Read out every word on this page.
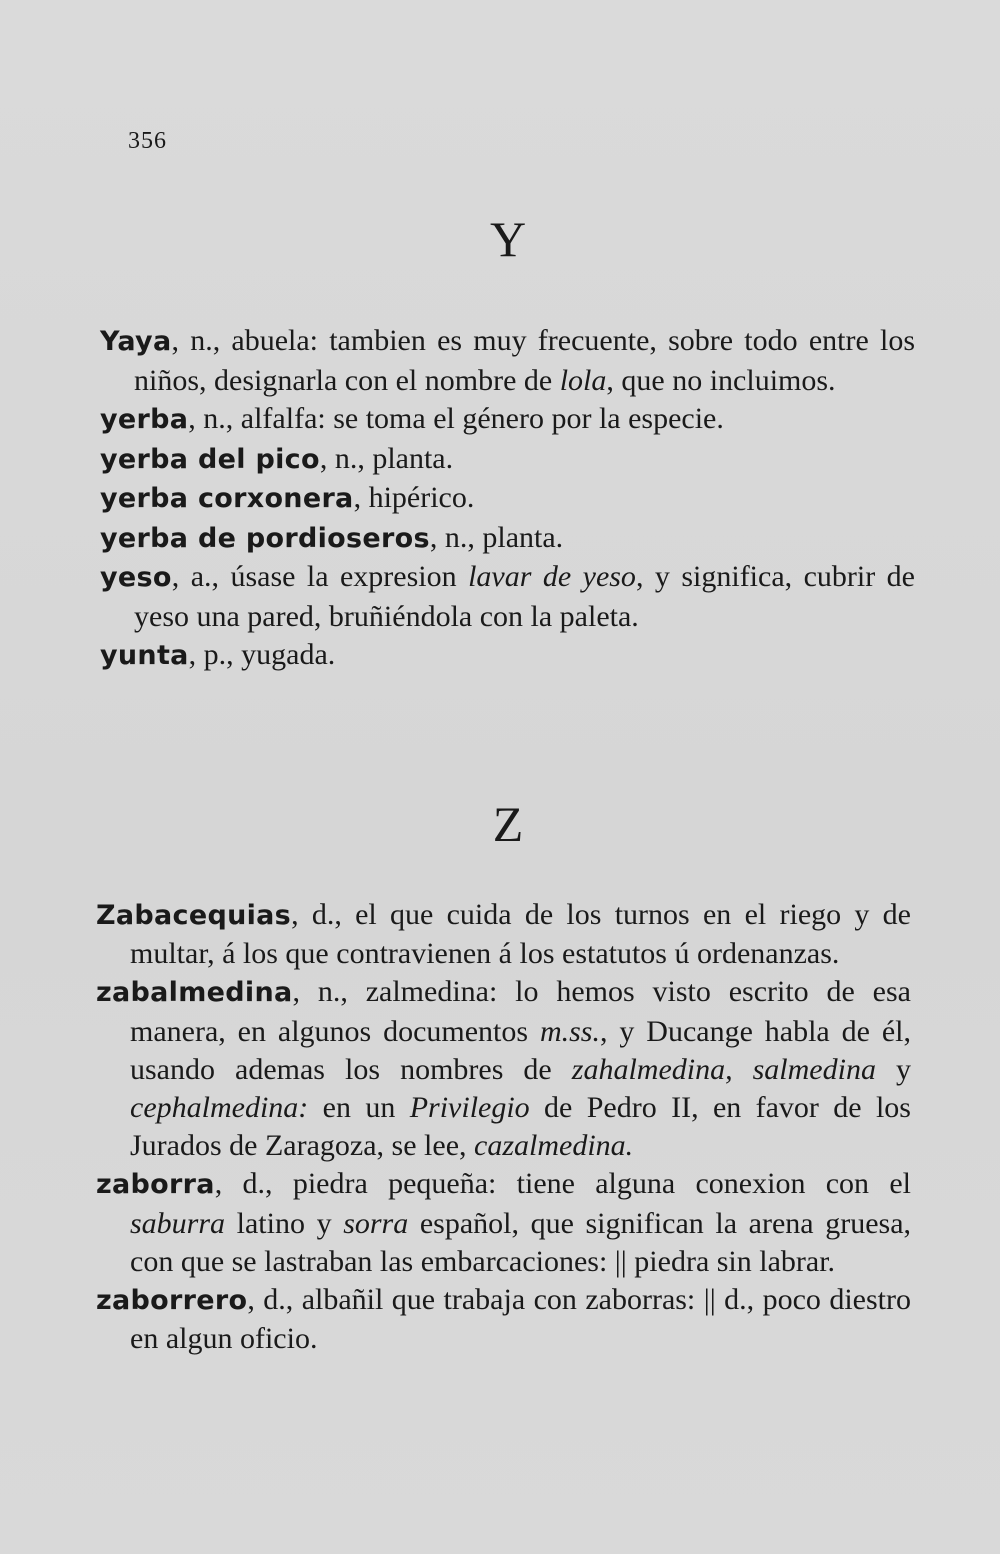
356
Y

Yaya, n., abuela: tambien es muy frecuente, sobre todo entre los niños, designarla con el nombre de lola, que no incluimos.

yerba, n., alfalfa: se toma el género por la especie.

yerba del pico, n., planta.

yerba corxonera, hipérico.

yerba de pordioseros, n., planta.

yeso, a., úsase la expresion lavar de yeso, y significa, cubrir de yeso una pared, bruñiéndola con la paleta.

yunta, p., yugada.

Z

Zabacequias, d., el que cuida de los turnos en el riego y de multar, á los que contravienen á los estatutos ú ordenanzas.

zabalmedina, n., zalmedina: lo hemos visto escrito de esa manera, en algunos documentos m.ss., y Ducange habla de él, usando ademas los nombres de zahalmedina, salmedina y cephalmedina: en un Privilegio de Pedro II, en favor de los Jurados de Zaragoza, se lee, cazalmedina.

zaborra, d., piedra pequeña: tiene alguna conexion con el saburra latino y sorra español, que significan la arena gruesa, con que se lastraban las embarcaciones: || piedra sin labrar.

zaborrero, d., albañil que trabaja con zaborras: || d., poco diestro en algun oficio.
